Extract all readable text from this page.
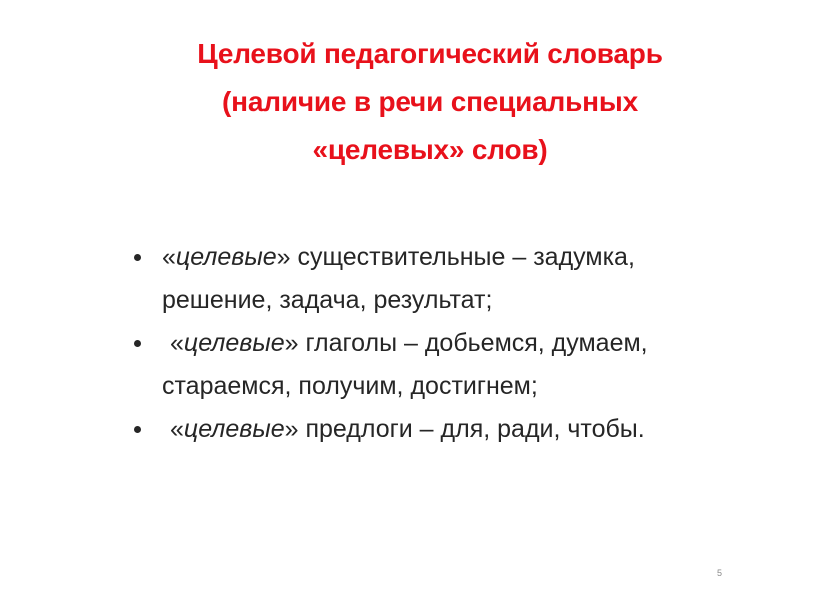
Целевой педагогический словарь
(наличие в речи специальных
«целевых» слов)
«целевые» существительные – задумка, решение, задача, результат;
«целевые» глаголы – добьемся, думаем, стараемся, получим, достигнем;
«целевые» предлоги – для, ради, чтобы.
5
